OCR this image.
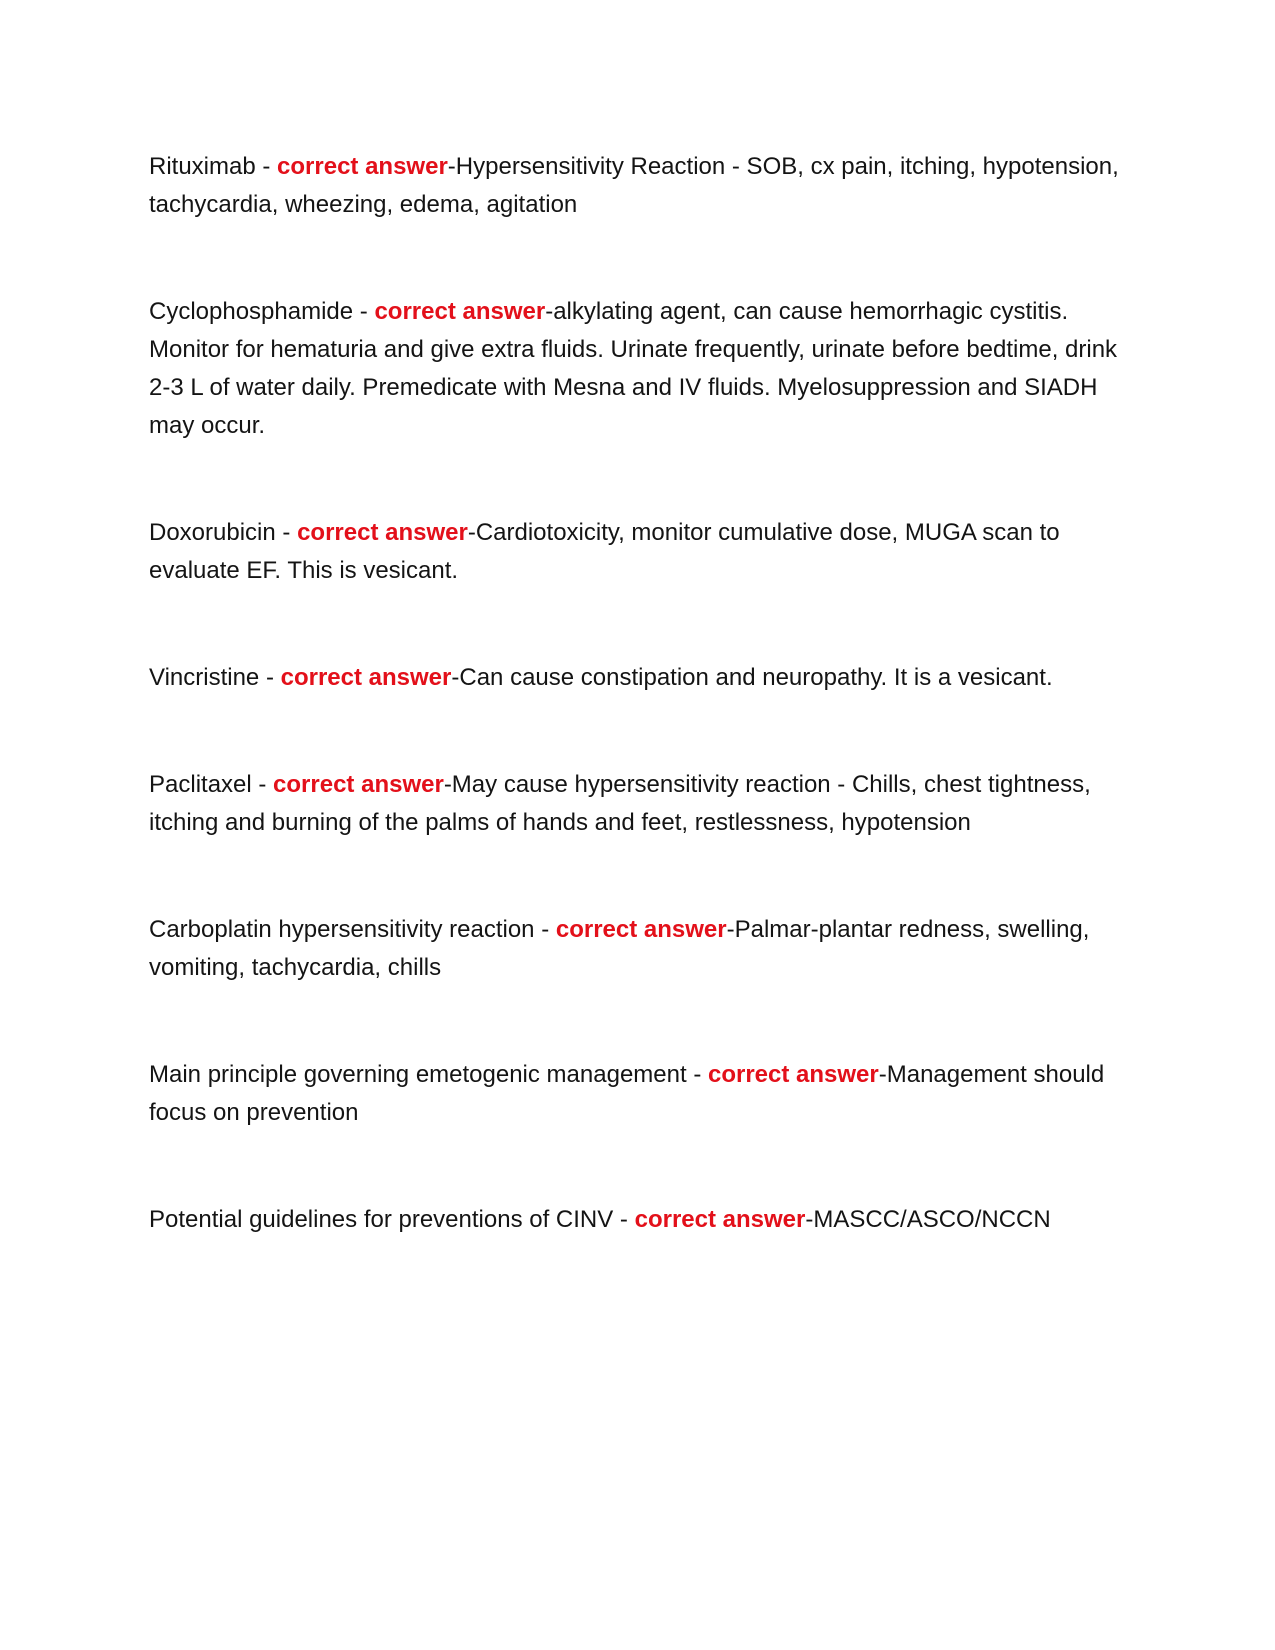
Rituximab - correct answer-Hypersensitivity Reaction - SOB, cx pain, itching, hypotension, tachycardia, wheezing, edema, agitation

Cyclophosphamide - correct answer-alkylating agent, can cause hemorrhagic cystitis. Monitor for hematuria and give extra fluids. Urinate frequently, urinate before bedtime, drink 2-3 L of water daily. Premedicate with Mesna and IV fluids. Myelosuppression and SIADH may occur.

Doxorubicin - correct answer-Cardiotoxicity, monitor cumulative dose, MUGA scan to evaluate EF. This is vesicant.

Vincristine - correct answer-Can cause constipation and neuropathy. It is a vesicant.

Paclitaxel - correct answer-May cause hypersensitivity reaction - Chills, chest tightness, itching and burning of the palms of hands and feet, restlessness, hypotension

Carboplatin hypersensitivity reaction - correct answer-Palmar-plantar redness, swelling, vomiting, tachycardia, chills

Main principle governing emetogenic management - correct answer-Management should focus on prevention

Potential guidelines for preventions of CINV - correct answer-MASCC/ASCO/NCCN
